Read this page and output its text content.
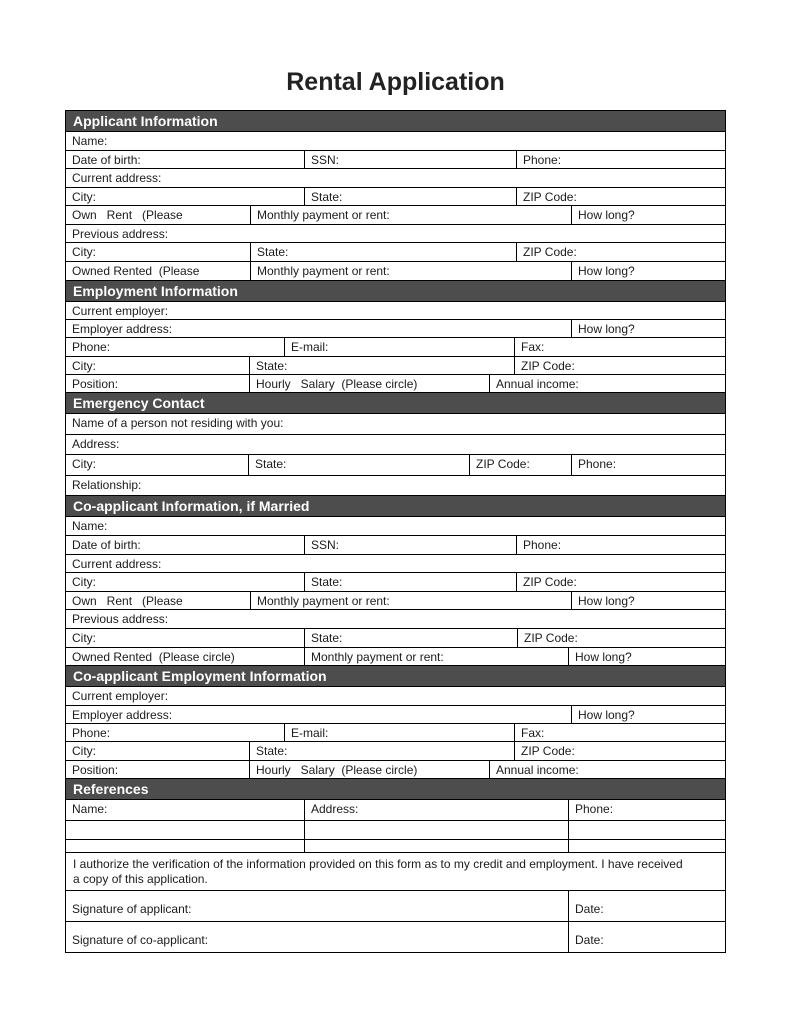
Rental Application
Applicant Information
Name:
Date of birth:	SSN:	Phone:
Current address:
City:	State:	ZIP Code:
Own   Rent   (Please	Monthly payment or rent:	How long?
Previous address:
City:	State:	ZIP Code:
Owned Rented  (Please	Monthly payment or rent:	How long?
Employment Information
Current employer:
Employer address:	How long?
Phone:	E-mail:	Fax:
City:	State:	ZIP Code:
Position:	Hourly   Salary  (Please circle)	Annual income:
Emergency Contact
Name of a person not residing with you:
Address:
City:	State:	ZIP Code:	Phone:
Relationship:
Co-applicant Information, if Married
Name:
Date of birth:	SSN:	Phone:
Current address:
City:	State:	ZIP Code:
Own   Rent   (Please	Monthly payment or rent:	How long?
Previous address:
City:	State:	ZIP Code:
Owned Rented  (Please circle)	Monthly payment or rent:	How long?
Co-applicant Employment Information
Current employer:
Employer address:	How long?
Phone:	E-mail:	Fax:
City:	State:	ZIP Code:
Position:	Hourly   Salary  (Please circle)	Annual income:
References
Name:	Address:	Phone:
I authorize the verification of the information provided on this form as to my credit and employment. I have received a copy of this application.
Signature of applicant:	Date:
Signature of co-applicant:	Date:
